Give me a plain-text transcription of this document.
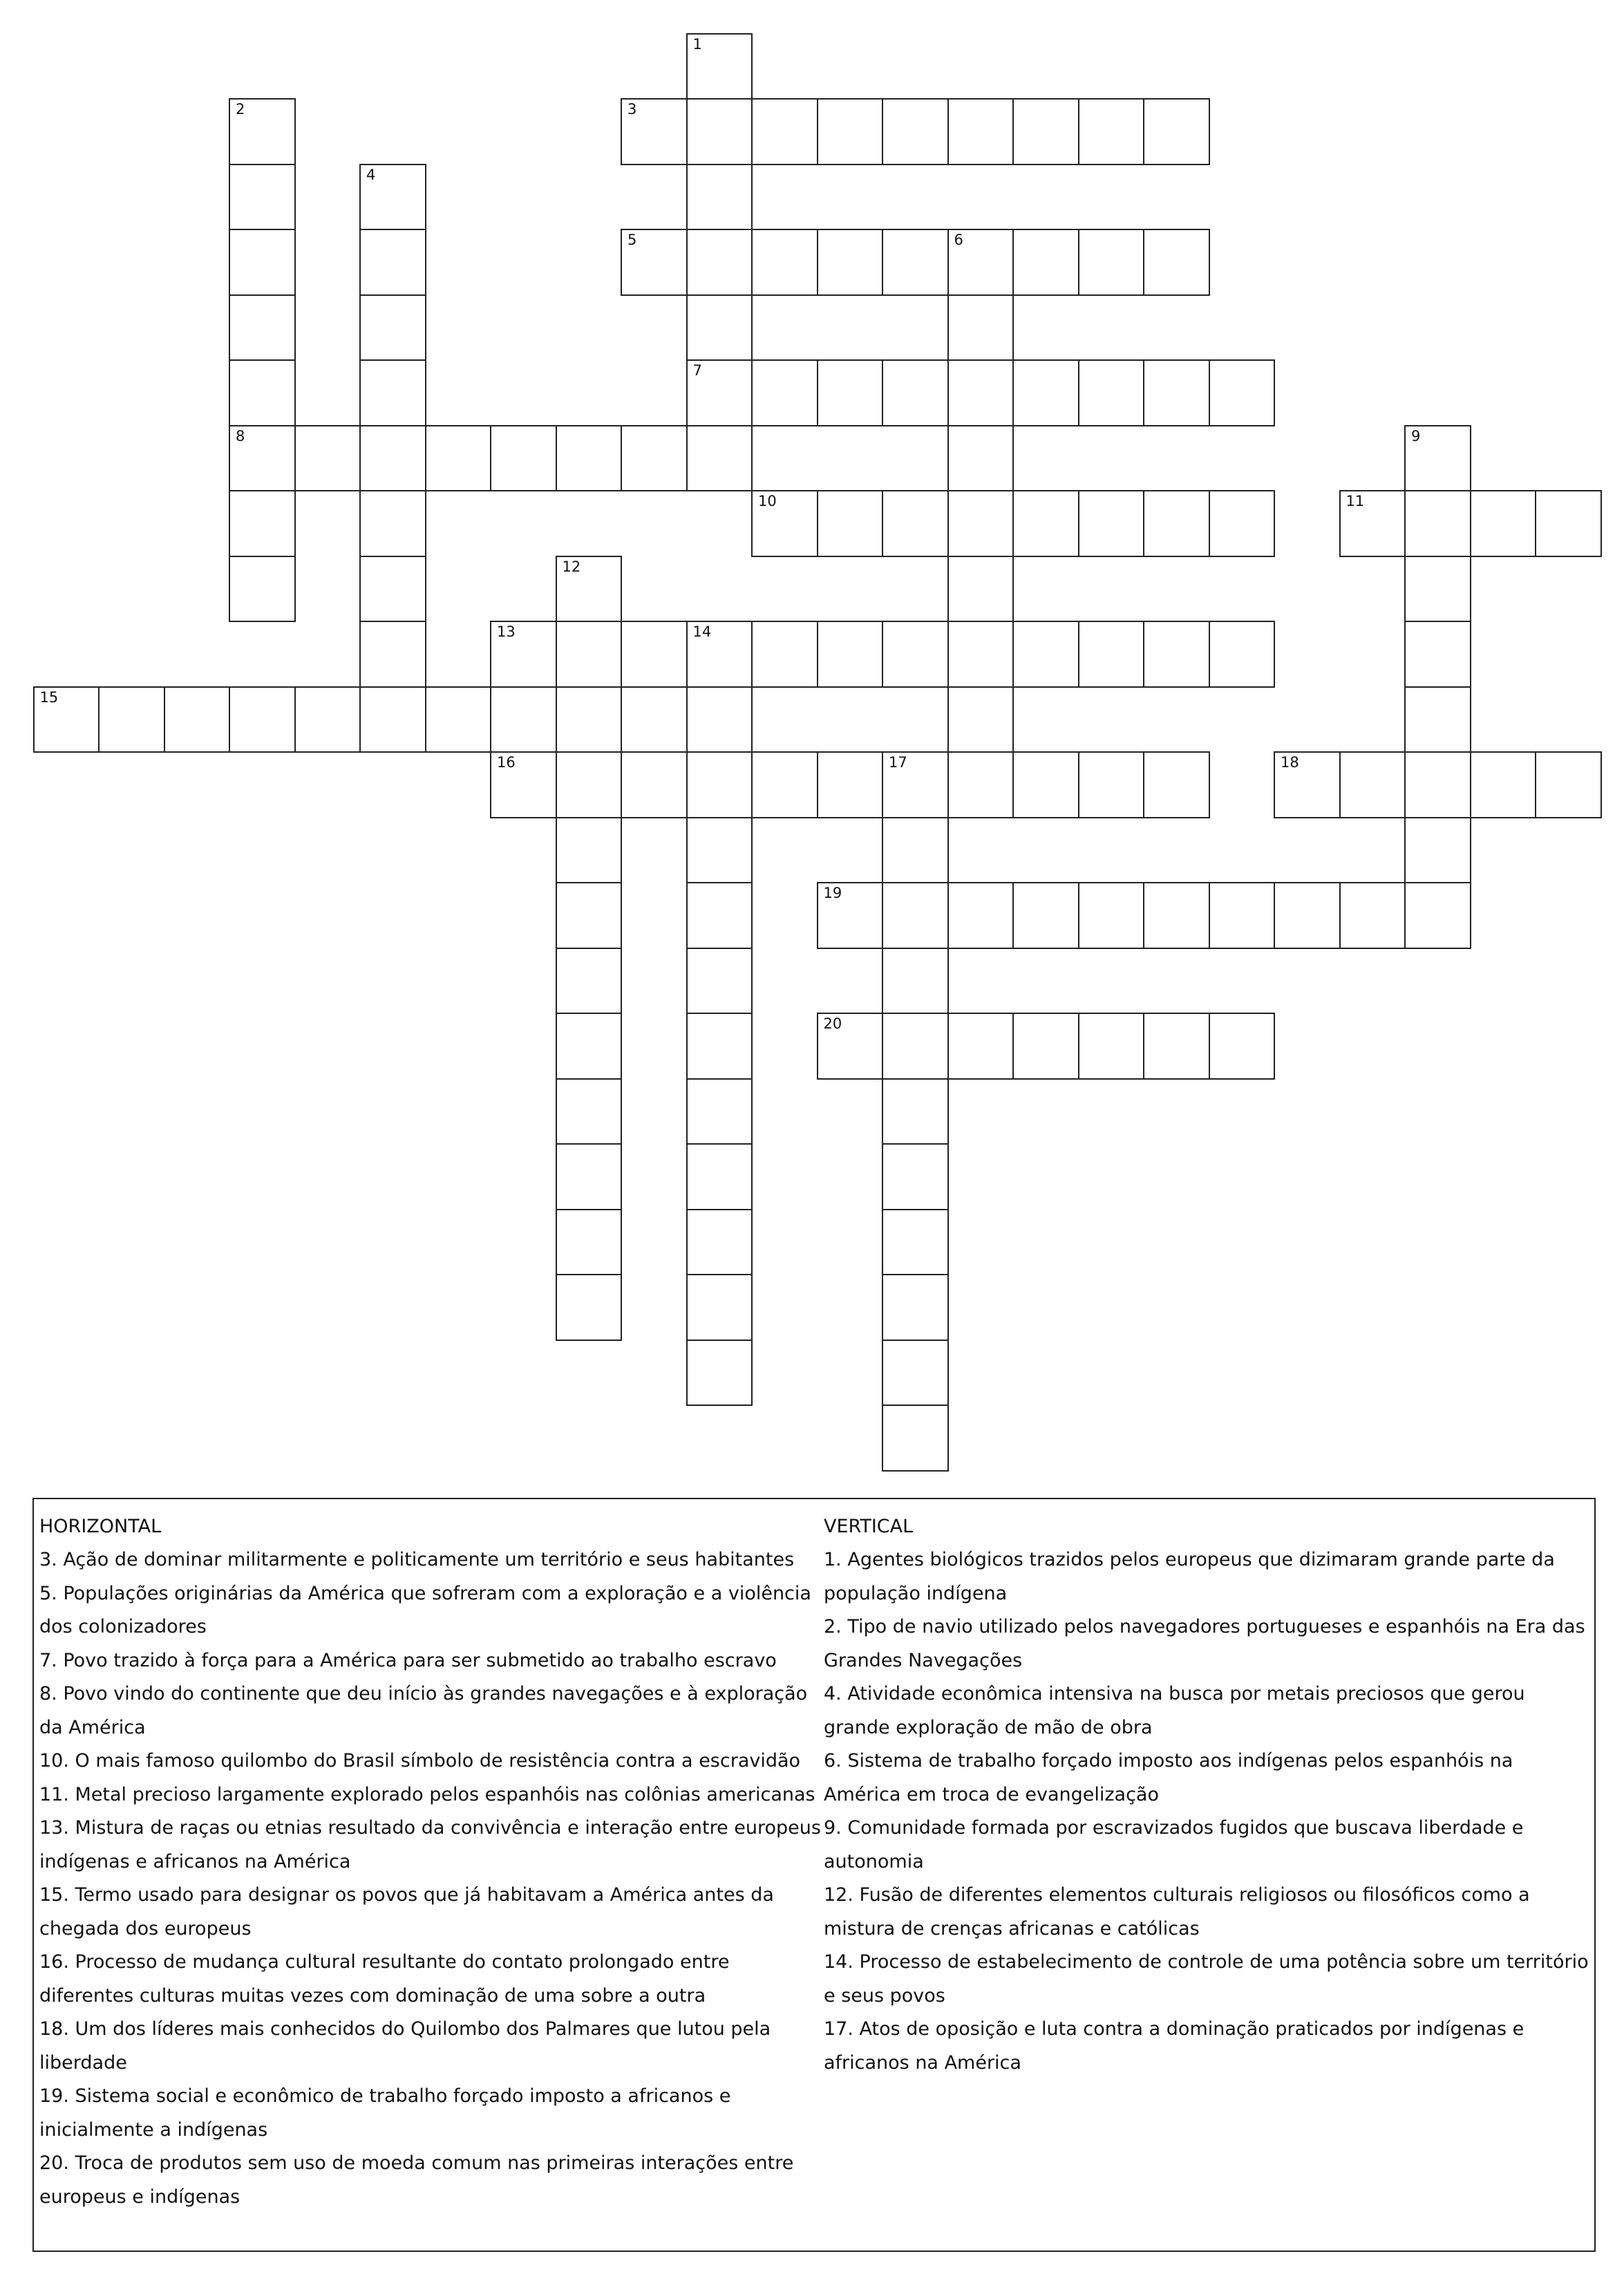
1
2
8
3
4
5	6
7
9
10	11
12
13	14
15
16	17	18
19
20
HORIZONTAL
3. Ação de dominar militarmente e politicamente um território e seus habitantes
5. Populações originárias da América que sofreram com a exploração e a violência dos colonizadores
7. Povo trazido à força para a América para ser submetido ao trabalho escravo
8. Povo vindo do continente que deu início às grandes navegações e à exploração da América
10. O mais famoso quilombo do Brasil símbolo de resistência contra a escravidão
11. Metal precioso largamente explorado pelos espanhóis nas colônias americanas
13. Mistura de raças ou etnias resultado da convivência e interação entre europeus indígenas e africanos na América
15. Termo usado para designar os povos que já habitavam a América antes da chegada dos europeus
16. Processo de mudança cultural resultante do contato prolongado entre diferentes culturas muitas vezes com dominação de uma sobre a outra
18. Um dos líderes mais conhecidos do Quilombo dos Palmares que lutou pela liberdade
19. Sistema social e econômico de trabalho forçado imposto a africanos e inicialmente a indígenas
20. Troca de produtos sem uso de moeda comum nas primeiras interações entre europeus e indígenas
VERTICAL
1. Agentes biológicos trazidos pelos europeus que dizimaram grande parte da população indígena
2. Tipo de navio utilizado pelos navegadores portugueses e espanhóis na Era das Grandes Navegações
4. Atividade econômica intensiva na busca por metais preciosos que gerou grande exploração de mão de obra
6. Sistema de trabalho forçado imposto aos indígenas pelos espanhóis na América em troca de evangelização
9. Comunidade formada por escravizados fugidos que buscava liberdade e autonomia
12. Fusão de diferentes elementos culturais religiosos ou filosóficos como a mistura de crenças africanas e católicas
14. Processo de estabelecimento de controle de uma potência sobre um território e seus povos
17. Atos de oposição e luta contra a dominação praticados por indígenas e africanos na América
